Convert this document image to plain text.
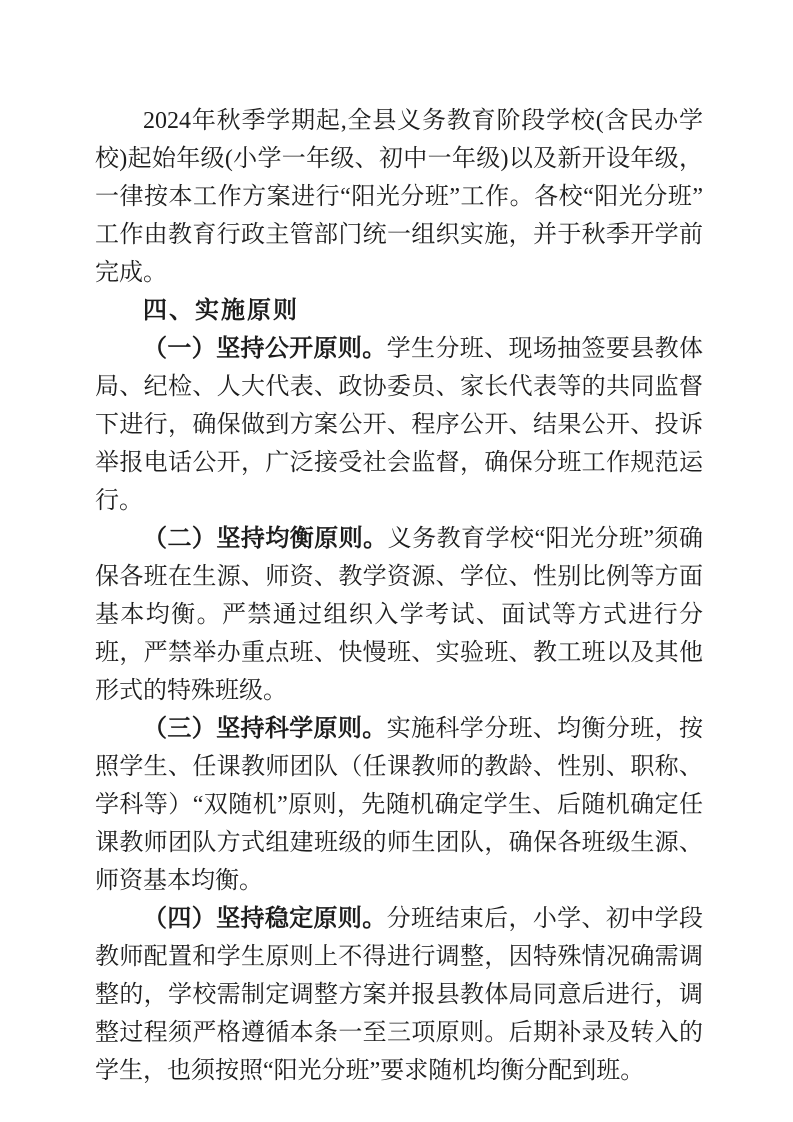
2024年秋季学期起,全县义务教育阶段学校(含民办学校)起始年级(小学一年级、初中一年级)以及新开设年级，一律按本工作方案进行“阳光分班”工作。各校“阳光分班”工作由教育行政主管部门统一组织实施，并于秋季开学前完成。

四、实施原则

（一）坚持公开原则。学生分班、现场抽签要县教体局、纪检、人大代表、政协委员、家长代表等的共同监督下进行，确保做到方案公开、程序公开、结果公开、投诉举报电话公开，广泛接受社会监督，确保分班工作规范运行。

（二）坚持均衡原则。义务教育学校“阳光分班”须确保各班在生源、师资、教学资源、学位、性别比例等方面基本均衡。严禁通过组织入学考试、面试等方式进行分班，严禁举办重点班、快慢班、实验班、教工班以及其他形式的特殊班级。

（三）坚持科学原则。实施科学分班、均衡分班，按照学生、任课教师团队（任课教师的教龄、性别、职称、学科等）“双随机”原则，先随机确定学生、后随机确定任课教师团队方式组建班级的师生团队，确保各班级生源、师资基本均衡。

（四）坚持稳定原则。分班结束后，小学、初中学段教师配置和学生原则上不得进行调整，因特殊情况确需调整的，学校需制定调整方案并报县教体局同意后进行，调整过程须严格遵循本条一至三项原则。后期补录及转入的学生，也须按照“阳光分班”要求随机均衡分配到班。
